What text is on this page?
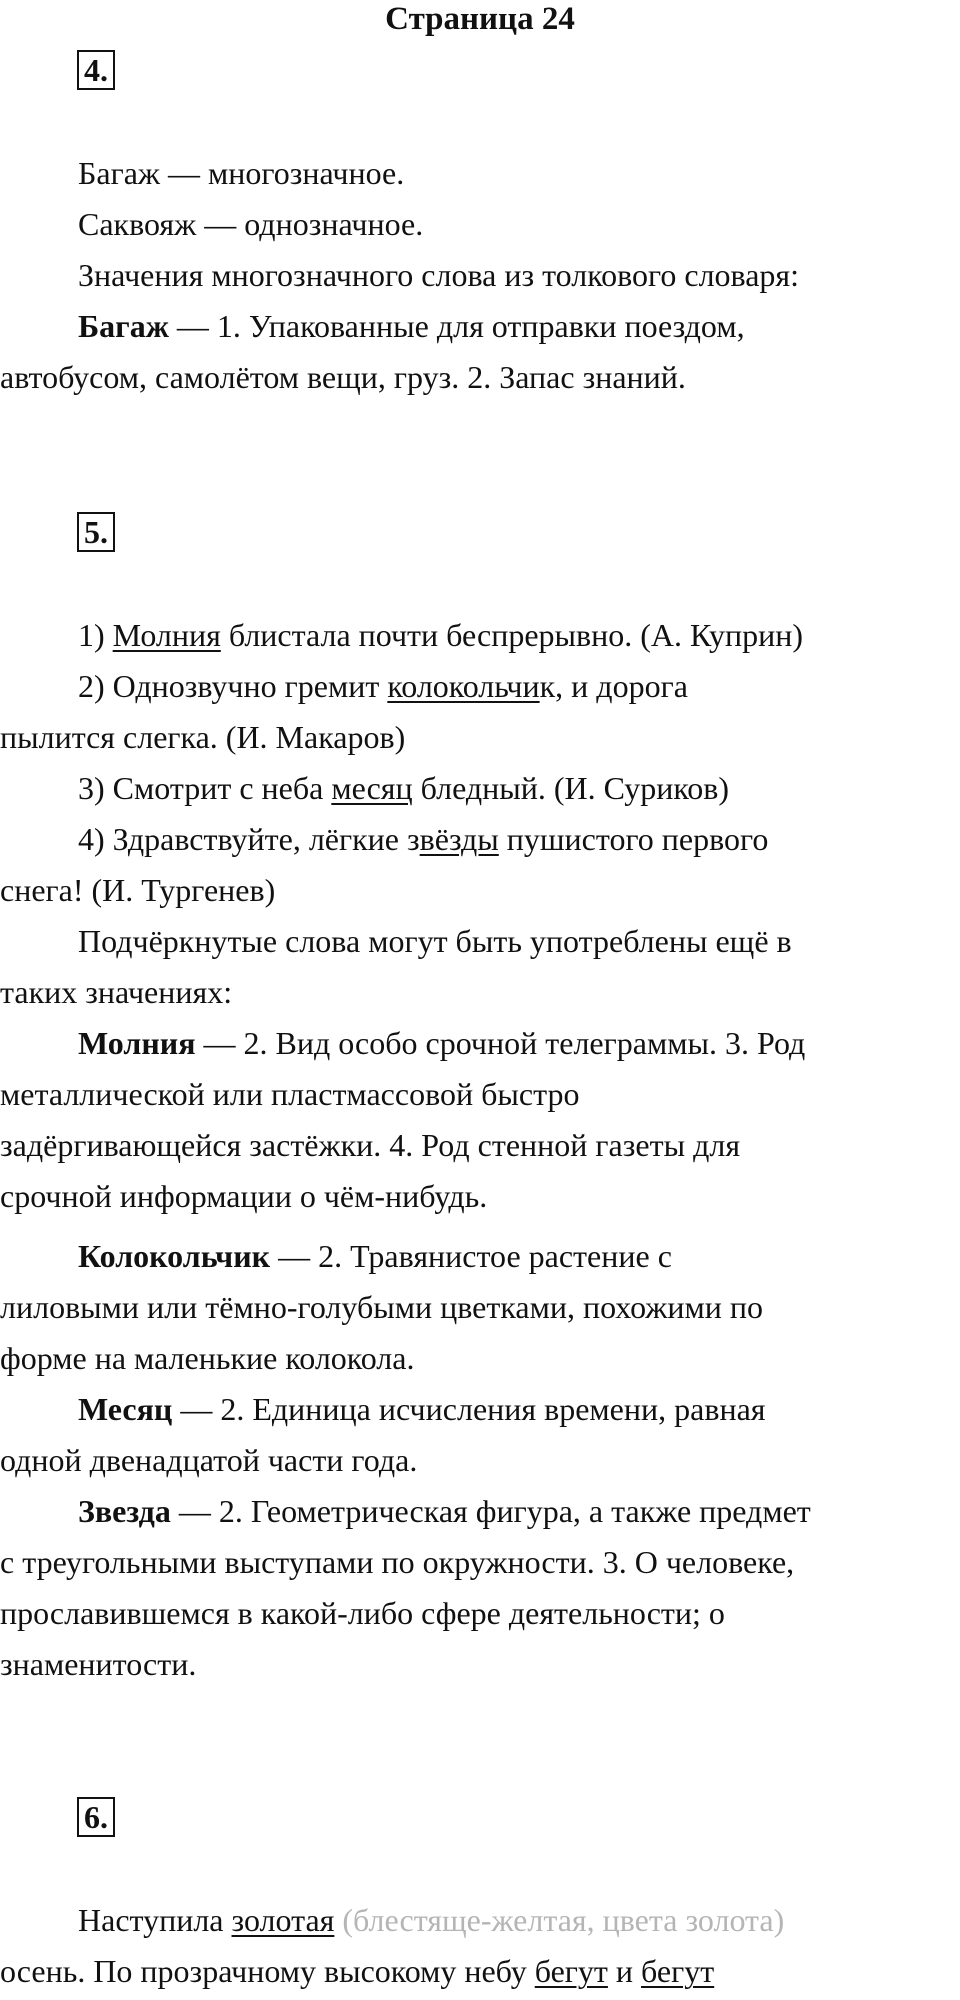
Страница 24
4.

Багаж — многозначное.

Саквояж — однозначное.

Значения многозначного слова из толкового словаря:

Багаж — 1. Упакованные для отправки поездом,

автобусом, самолётом вещи, груз. 2. Запас знаний.

5.

1) Молния блистала почти беспрерывно. (А. Куприн)

2) Однозвучно гремит колокольчик, и дорога

пылится слегка. (И. Макаров)

3) Смотрит с неба месяц бледный. (И. Суриков)

4) Здравствуйте, лёгкие звёзды пушистого первого

снега! (И. Тургенев)

Подчёркнутые слова могут быть употреблены ещё в

таких значениях:

Молния — 2. Вид особо срочной телеграммы. 3. Род

металлической или пластмассовой быстро

задёргивающейся застёжки. 4. Род стенной газеты для

срочной информации о чём-нибудь.

Колокольчик — 2. Травянистое растение с

лиловыми или тёмно-голубыми цветками, похожими по

форме на маленькие колокола.

Месяц — 2. Единица исчисления времени, равная

одной двенадцатой части года.

Звезда — 2. Геометрическая фигура, а также предмет

с треугольными выступами по окружности. 3. О человеке,

прославившемся в какой-либо сфере деятельности; о

знаменитости.

6.

Наступила золотая (блестяще-желтая, цвета золота)

осень. По прозрачному высокому небу бегут и бегут
